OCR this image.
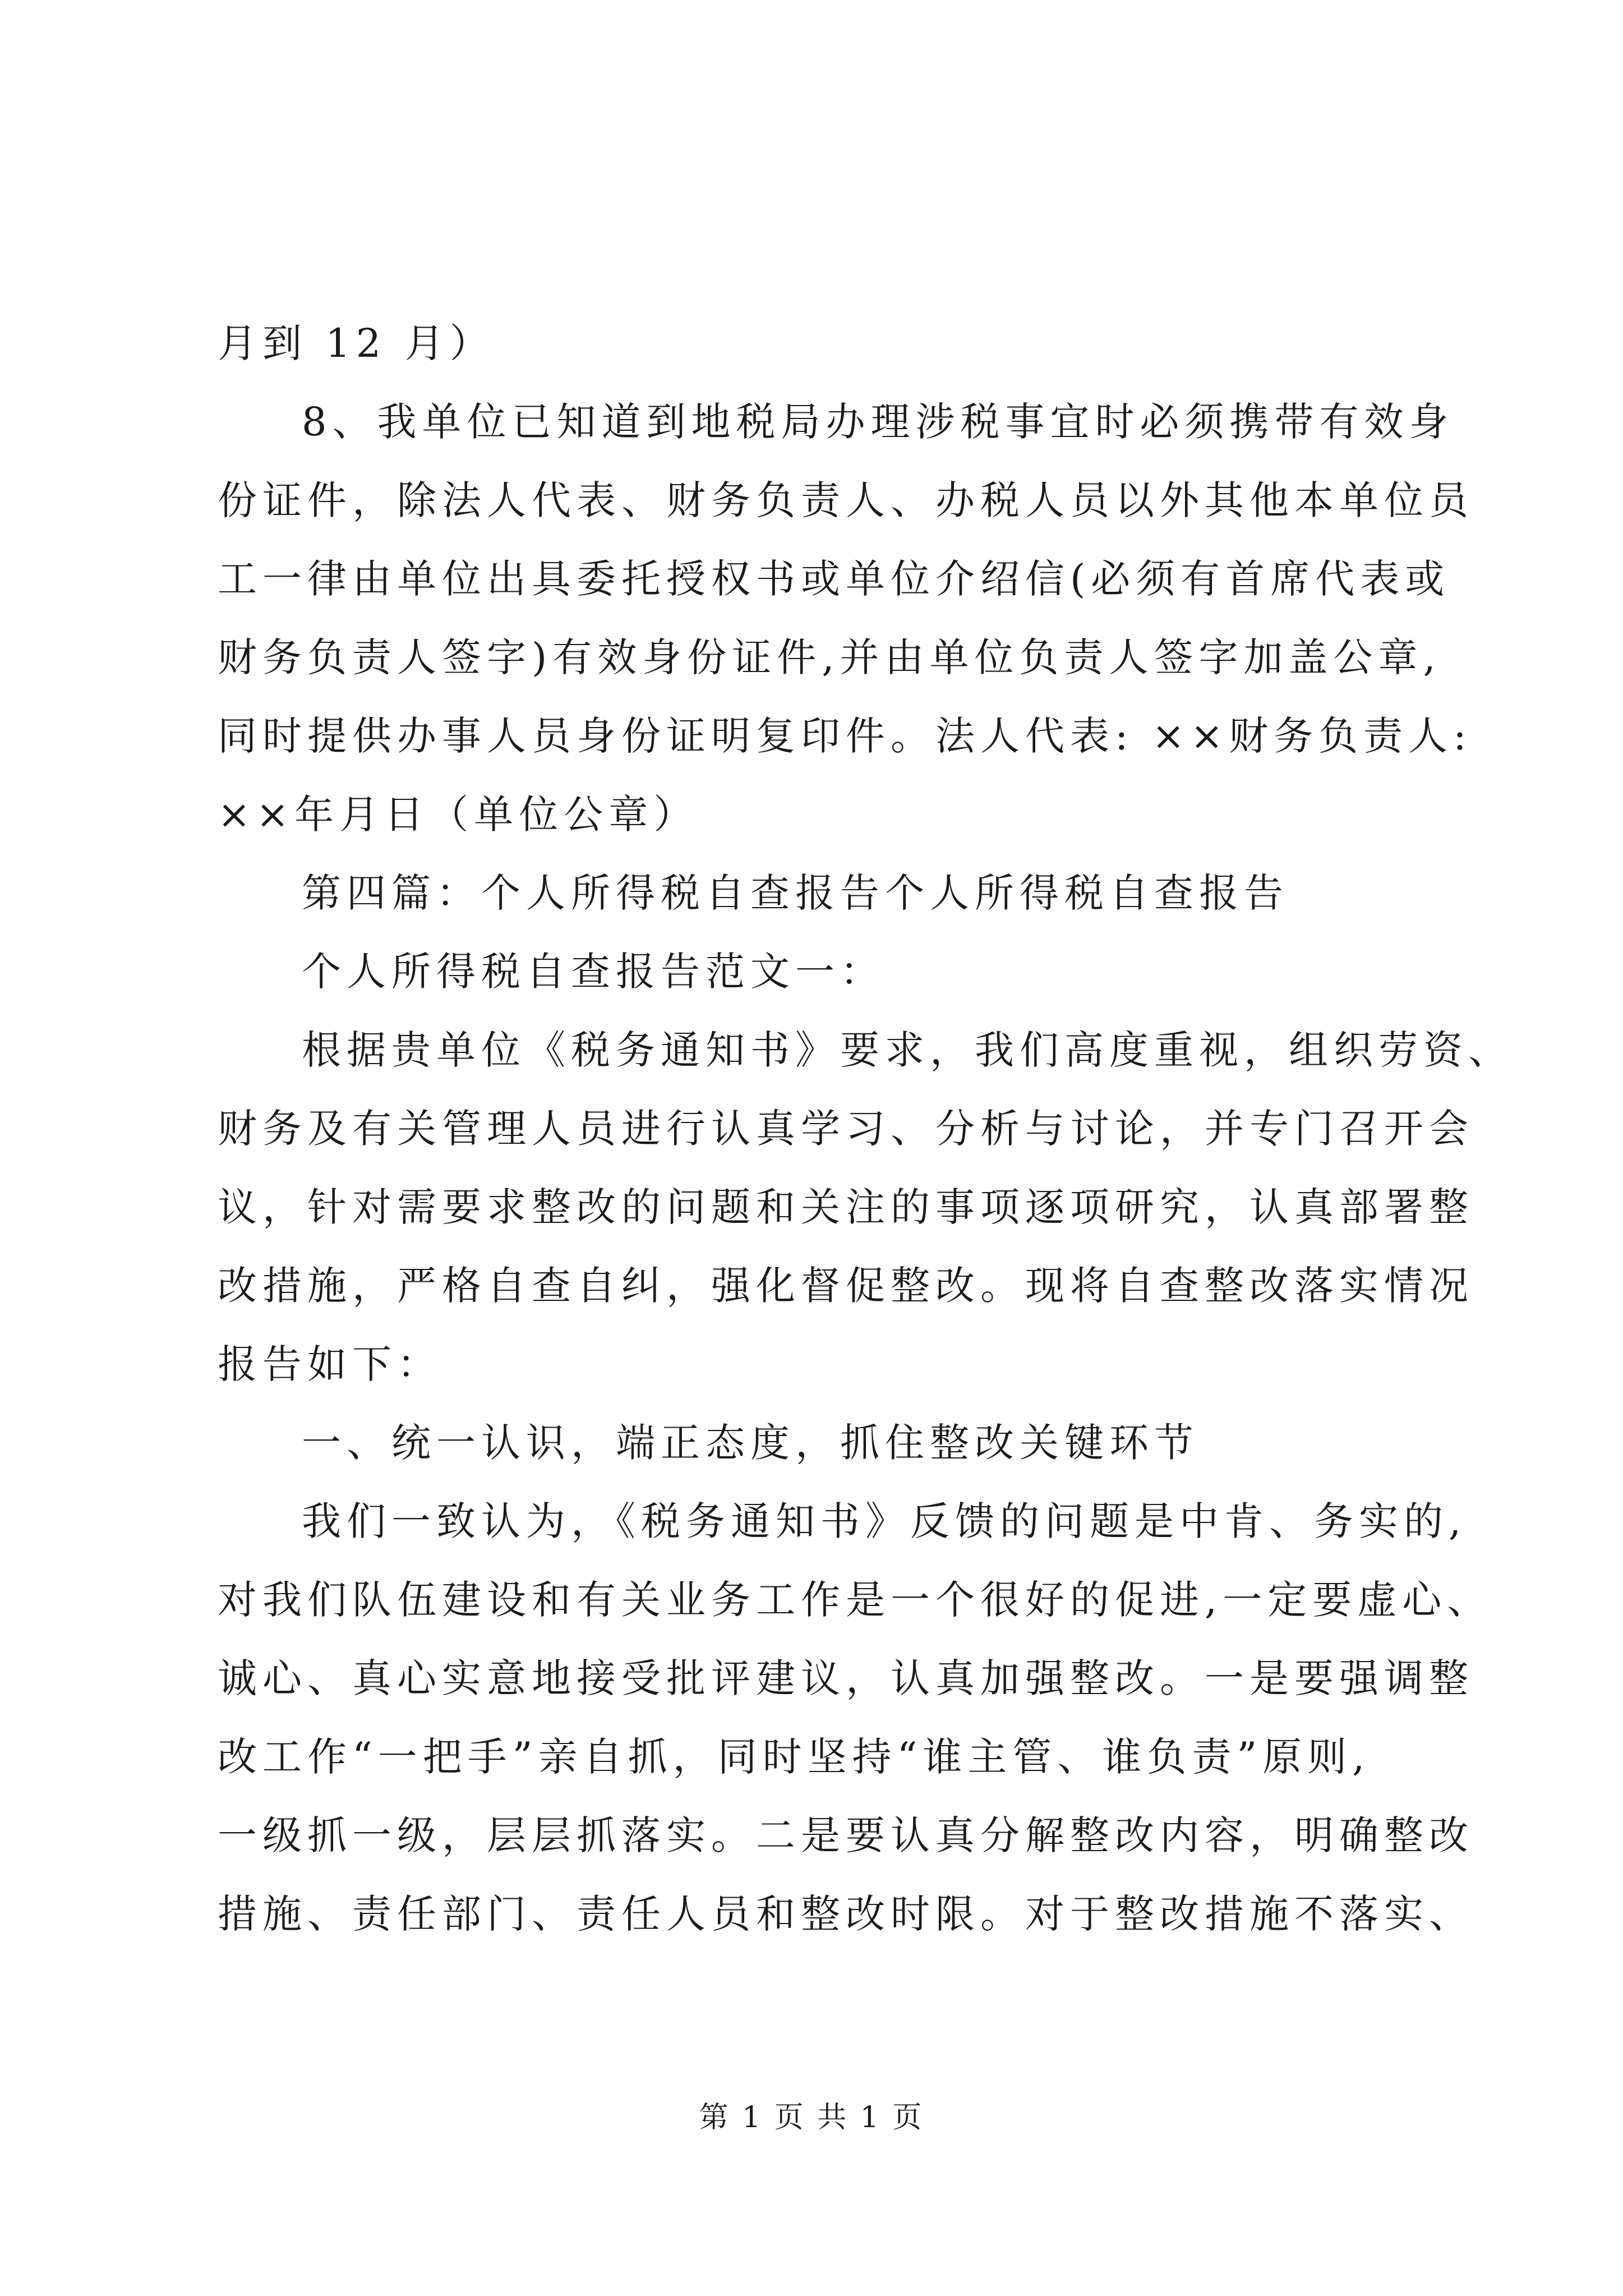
月到 12 月）
8、我单位已知道到地税局办理涉税事宜时必须携带有效身
份证件，除法人代表、财务负责人、办税人员以外其他本单位员
工一律由单位出具委托授权书或单位介绍信(必须有首席代表或
财务负责人签字)有效身份证件,并由单位负责人签字加盖公章,
同时提供办事人员身份证明复印件。法人代表: ××财务负责人:
××年月日（单位公章）
第四篇：个人所得税自查报告个人所得税自查报告
个人所得税自查报告范文一：
根据贵单位《税务通知书》要求，我们高度重视，组织劳资、
财务及有关管理人员进行认真学习、分析与讨论，并专门召开会
议，针对需要求整改的问题和关注的事项逐项研究，认真部署整
改措施，严格自查自纠，强化督促整改。现将自查整改落实情况
报告如下：
一、统一认识，端正态度，抓住整改关键环节
我们一致认为，《税务通知书》反馈的问题是中肯、务实的,
对我们队伍建设和有关业务工作是一个很好的促进,一定要虚心、
诚心、真心实意地接受批评建议，认真加强整改。一是要强调整
改工作“一把手”亲自抓，同时坚持“谁主管、谁负责”原则,
一级抓一级，层层抓落实。二是要认真分解整改内容，明确整改
措施、责任部门、责任人员和整改时限。对于整改措施不落实、
第 1 页 共 1 页
